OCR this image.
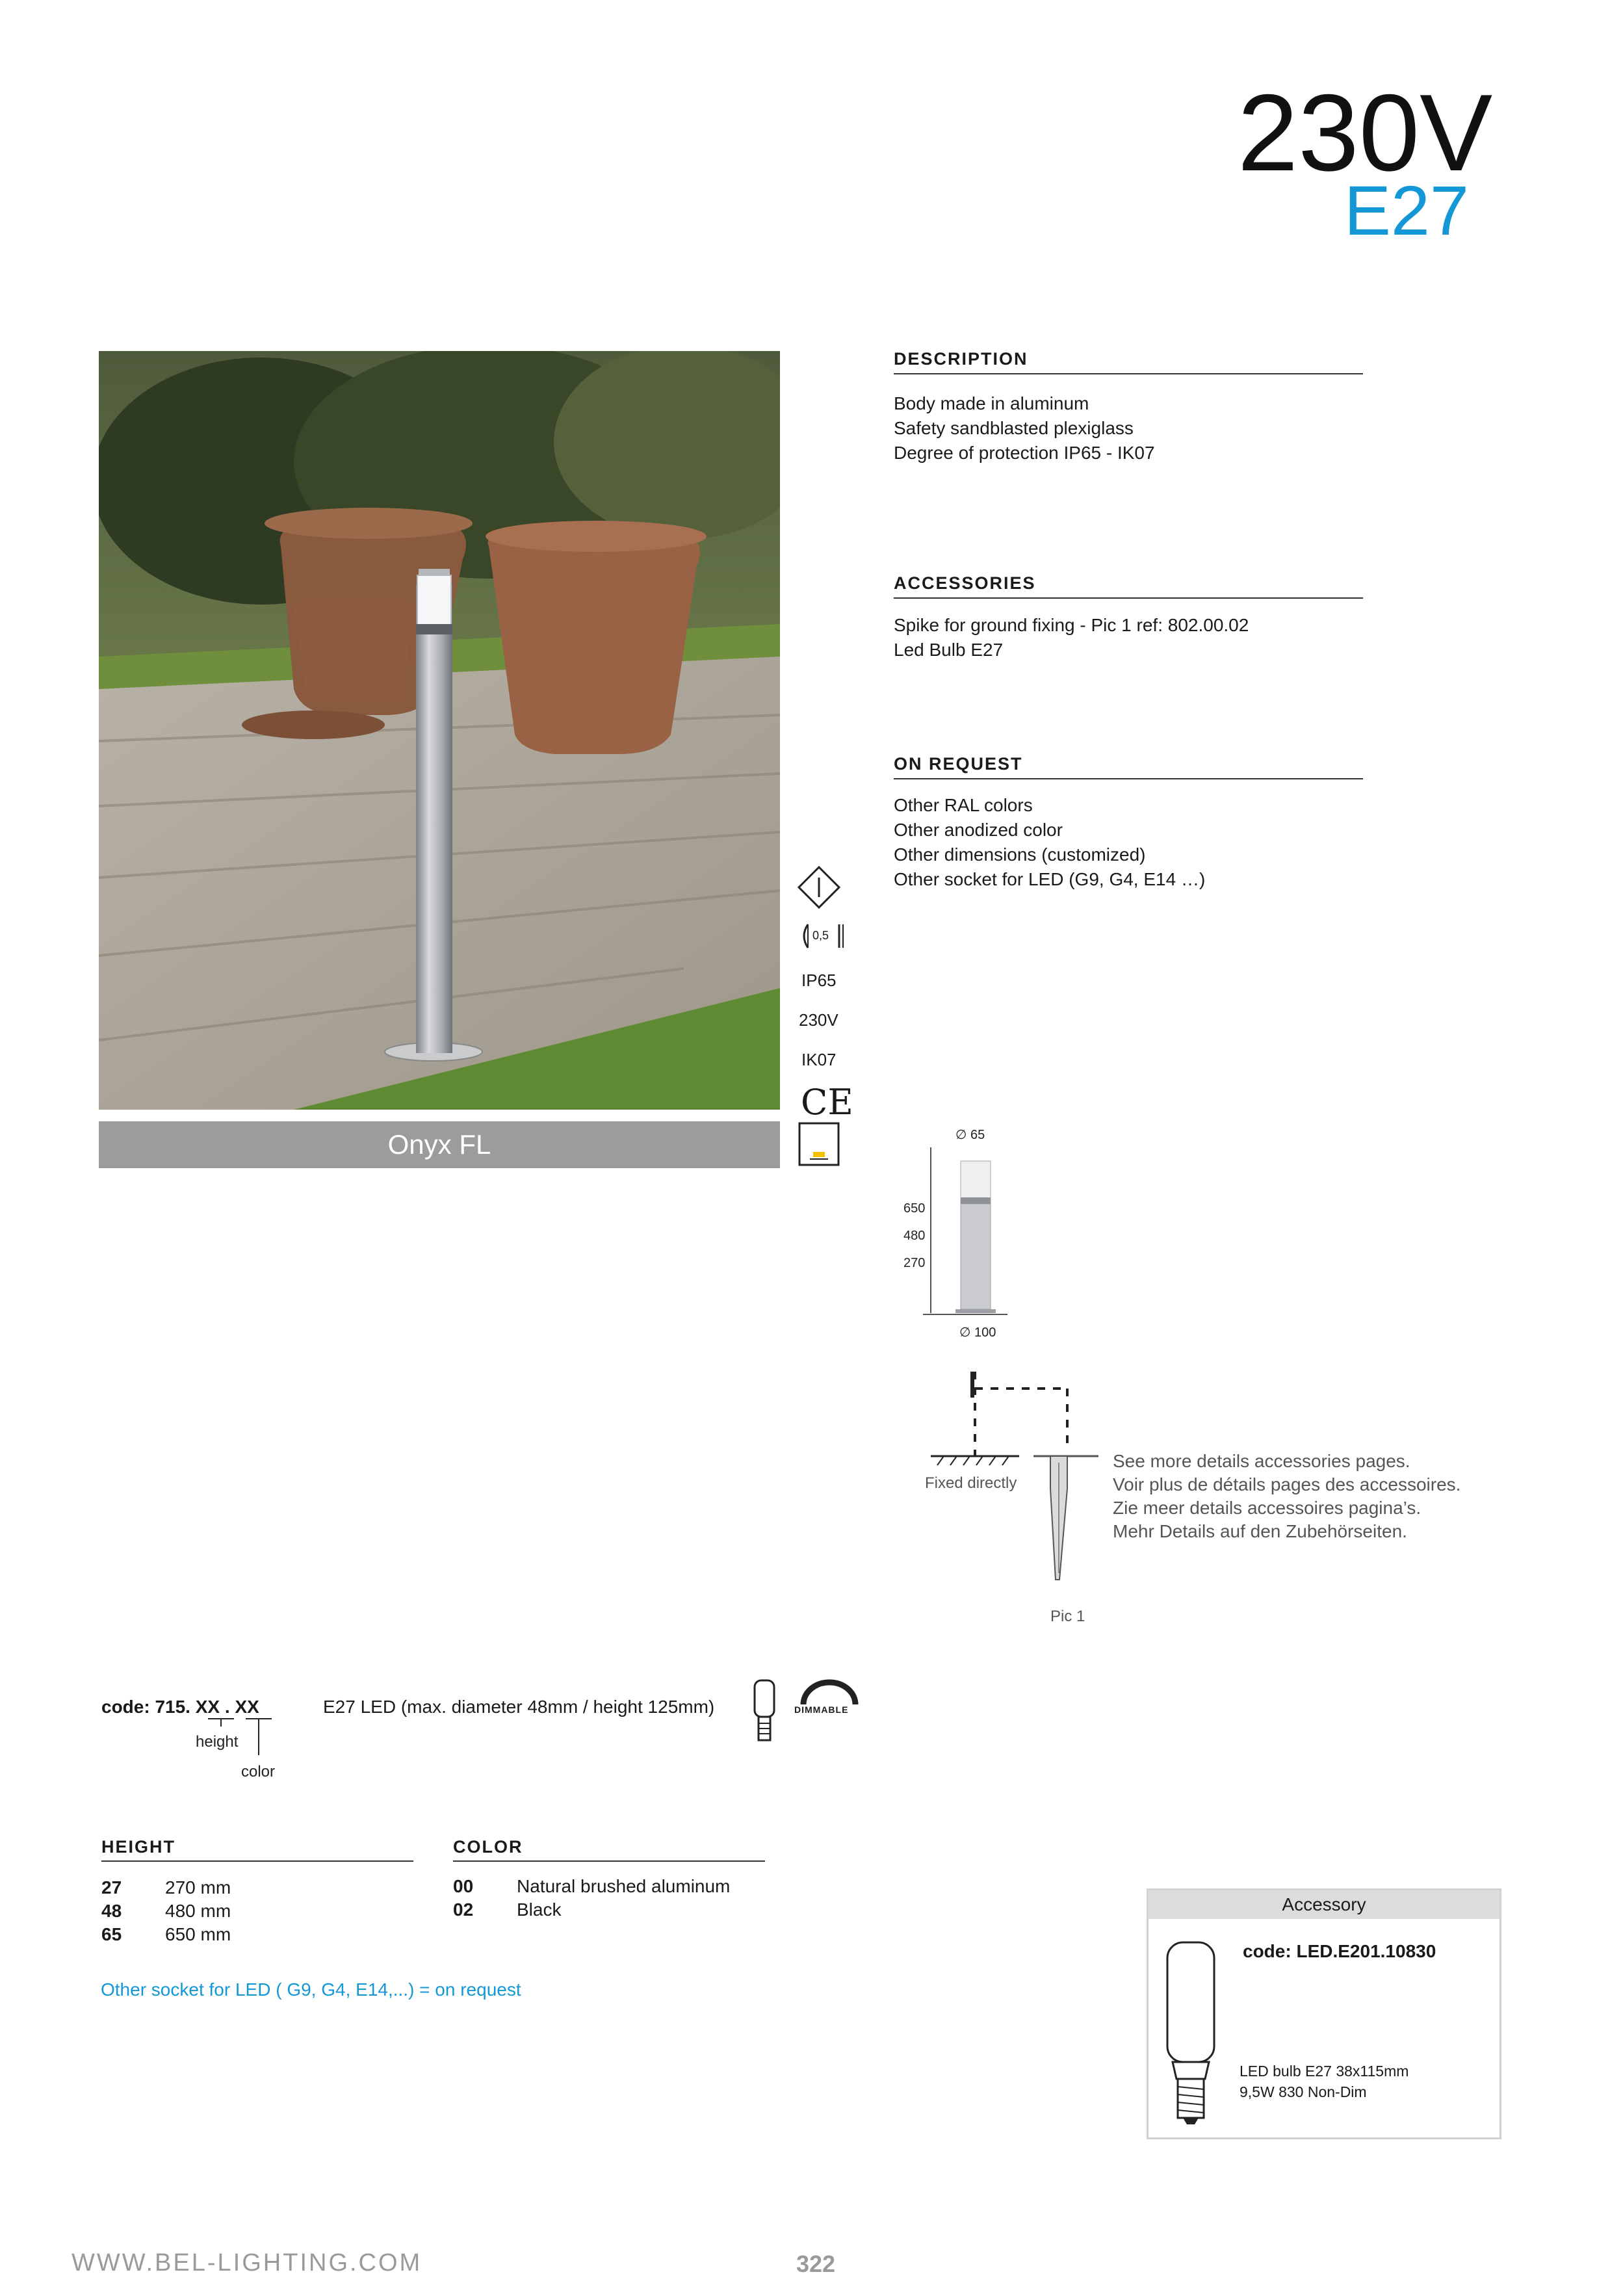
230V
E27
Onyx FL
DESCRIPTION
Body made in aluminum
Safety sandblasted plexiglass
Degree of protection IP65 - IK07
ACCESSORIES
Spike for ground fixing - Pic 1 ref: 802.00.02
Led Bulb E27
ON REQUEST
Other RAL colors
Other anodized color
Other dimensions (customized)
Other socket for LED (G9, G4, E14 …)
0,5
IP65
230V
IK07
CE
∅ 65
650
480
270
∅ 100
Fixed directly
Pic 1
See more details accessories pages.
Voir plus de détails pages des accessoires.
Zie meer details accessoires pagina’s.
Mehr Details auf den Zubehörseiten.
code: 715. XX . XX
height
color
E27 LED (max. diameter 48mm / height 125mm)	DIMMABLE
HEIGHT
27 270 mm
48 480 mm
65 650 mm
COLOR
00 Natural brushed aluminum
02 Black
Other socket for LED ( G9, G4, E14,...) = on request
Accessory
code: LED.E201.10830
LED bulb E27 38x115mm
9,5W 830 Non-Dim
WWW.BEL-LIGHTING.COM	322
